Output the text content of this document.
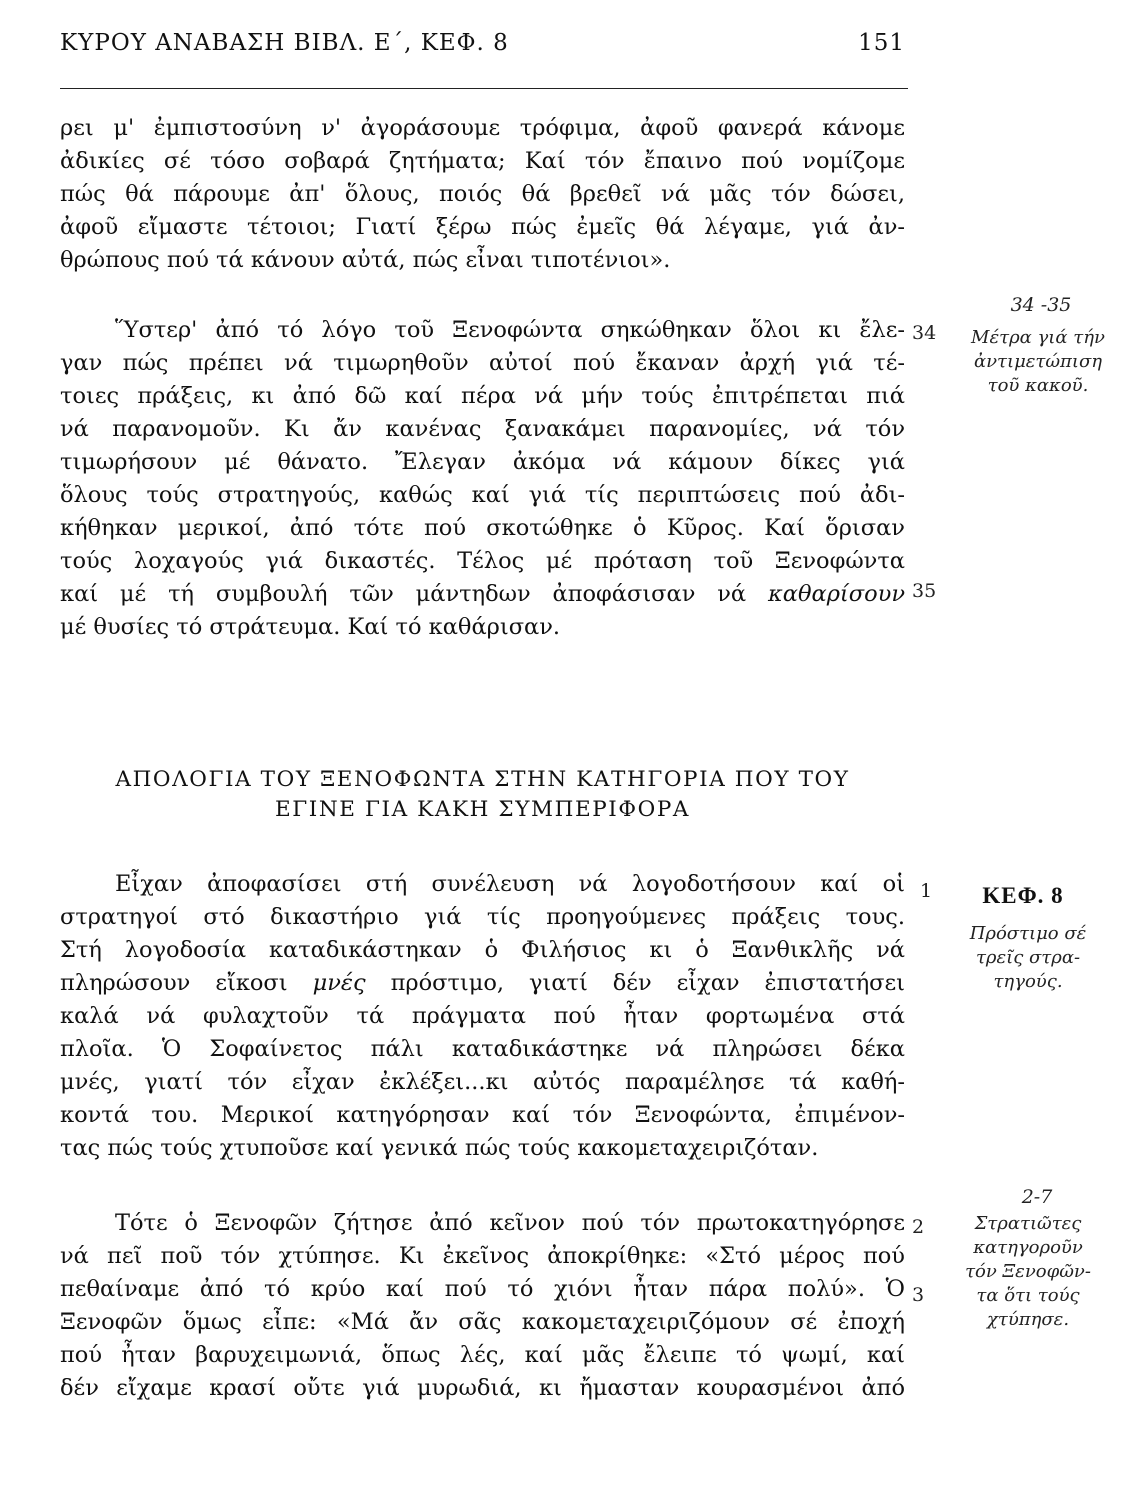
ΚΥΡΟΥ ΑΝΑΒΑΣΗ ΒΙΒΛ. Ε΄, ΚΕΦ. 8	151
ρει μ' ἐμπιστοσύνη ν' ἀγοράσουμε τρόφιμα, ἀφοῦ φανερά κάνομε
ἀδικίες σέ τόσο σοβαρά ζητήματα; Καί τόν ἔπαινο πού νομίζομε
πώς θά πάρουμε ἀπ' ὅλους, ποιός θά βρεθεῖ νά μᾶς τόν δώσει,
ἀφοῦ εἴμαστε τέτοιοι; Γιατί ξέρω πώς ἐμεῖς θά λέγαμε, γιά ἀν-
θρώπους πού τά κάνουν αὐτά, πώς εἶναι τιποτένιοι».
Ὕστερ' ἀπό τό λόγο τοῦ Ξενοφώντα σηκώθηκαν ὅλοι κι ἔλε-
γαν πώς πρέπει νά τιμωρηθοῦν αὐτοί πού ἔκαναν ἀρχή γιά τέ-
τοιες πράξεις, κι ἀπό δῶ καί πέρα νά μήν τούς ἐπιτρέπεται πιά
νά παρανομοῦν. Κι ἄν κανένας ξανακάμει παρανομίες, νά τόν
τιμωρήσουν μέ θάνατο. Ἔλεγαν ἀκόμα νά κάμουν δίκες γιά
ὅλους τούς στρατηγούς, καθώς καί γιά τίς περιπτώσεις πού ἀδι-
κήθηκαν μερικοί, ἀπό τότε πού σκοτώθηκε ὁ Κῦρος. Καί ὅρισαν
τούς λοχαγούς γιά δικαστές. Τέλος μέ πρόταση τοῦ Ξενοφώντα
καί μέ τή συμβουλή τῶν μάντηδων ἀποφάσισαν νά καθαρίσουν
μέ θυσίες τό στράτευμα. Καί τό καθάρισαν.
ΑΠΟΛΟΓΙΑ ΤΟΥ ΞΕΝΟΦΩΝΤΑ ΣΤΗΝ ΚΑΤΗΓΟΡΙΑ ΠΟΥ ΤΟΥ
ΕΓΙΝΕ ΓΙΑ ΚΑΚΗ ΣΥΜΠΕΡΙΦΟΡΑ
Εἶχαν ἀποφασίσει στή συνέλευση νά λογοδοτήσουν καί οἱ
στρατηγοί στό δικαστήριο γιά τίς προηγούμενες πράξεις τους.
Στή λογοδοσία καταδικάστηκαν ὁ Φιλήσιος κι ὁ Ξανθικλῆς νά
πληρώσουν εἴκοσι μνές πρόστιμο, γιατί δέν εἶχαν ἐπιστατήσει
καλά νά φυλαχτοῦν τά πράγματα πού ἦταν φορτωμένα στά
πλοῖα. Ὁ Σοφαίνετος πάλι καταδικάστηκε νά πληρώσει δέκα
μνές, γιατί τόν εἶχαν ἐκλέξει...κι αὐτός παραμέλησε τά καθή-
κοντά του. Μερικοί κατηγόρησαν καί τόν Ξενοφώντα, ἐπιμένον-
τας πώς τούς χτυποῦσε καί γενικά πώς τούς κακομεταχειριζόταν.
Τότε ὁ Ξενοφῶν ζήτησε ἀπό κεῖνον πού τόν πρωτοκατηγόρησε
νά πεῖ ποῦ τόν χτύπησε. Κι ἐκεῖνος ἀποκρίθηκε: «Στό μέρος πού
πεθαίναμε ἀπό τό κρύο καί πού τό χιόνι ἦταν πάρα πολύ». Ὁ
Ξενοφῶν ὅμως εἶπε: «Μά ἄν σᾶς κακομεταχειριζόμουν σέ ἐποχή
πού ἦταν βαρυχειμωνιά, ὅπως λές, καί μᾶς ἔλειπε τό ψωμί, καί
δέν εἴχαμε κρασί οὔτε γιά μυρωδιά, κι ἤμασταν κουρασμένοι ἀπό
34
35
1
2
3
34 -35
Μέτρα γιά τήν
ἀντιμετώπιση
τοῦ κακοῦ.
ΚΕΦ. 8
Πρόστιμο σέ
τρεῖς στρα-
τηγούς.
2-7
Στρατιῶτες
κατηγοροῦν
τόν Ξενοφῶν-
τα ὅτι τούς
χτύπησε.
